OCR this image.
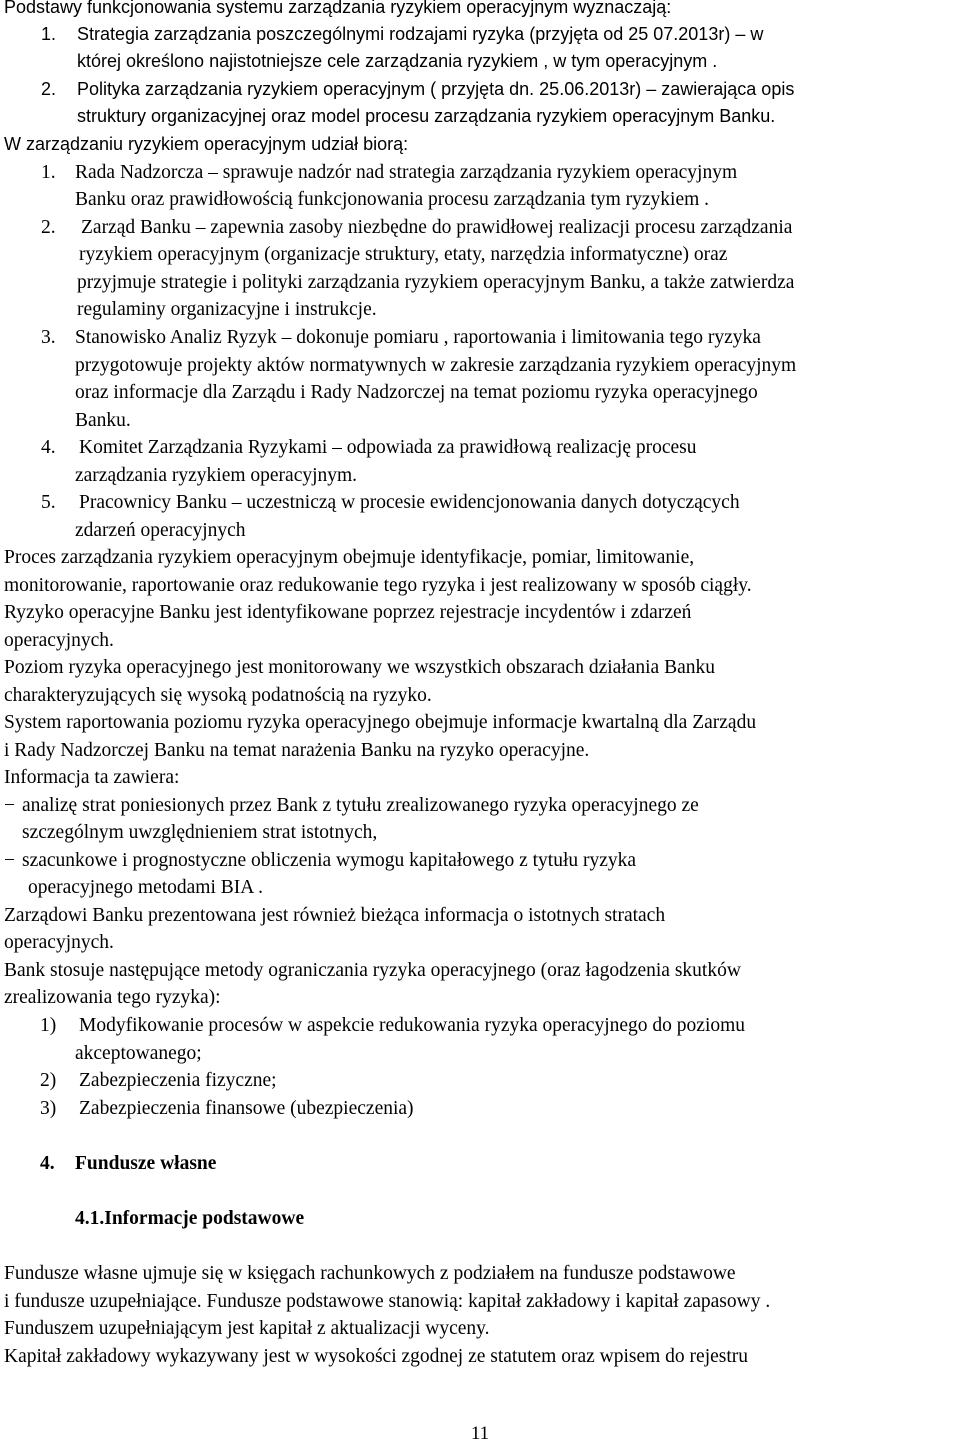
Podstawy funkcjonowania systemu zarządzania ryzykiem operacyjnym wyznaczają:
1. Strategia zarządzania poszczególnymi rodzajami ryzyka (przyjęta od 25 07.2013r) – w
której określono najistotniejsze cele zarządzania ryzykiem , w tym operacyjnym .
2. Polityka zarządzania ryzykiem operacyjnym ( przyjęta dn. 25.06.2013r) – zawierająca opis
struktury organizacyjnej oraz model procesu zarządzania ryzykiem operacyjnym Banku.
W zarządzaniu ryzykiem operacyjnym udział biorą:
1. Rada Nadzorcza – sprawuje nadzór nad strategia zarządzania ryzykiem operacyjnym
Banku oraz prawidłowością funkcjonowania procesu zarządzania tym ryzykiem .
2. Zarząd Banku – zapewnia zasoby niezbędne do prawidłowej realizacji procesu zarządzania
ryzykiem operacyjnym (organizacje struktury, etaty, narzędzia informatyczne) oraz
przyjmuje strategie i polityki zarządzania ryzykiem operacyjnym Banku, a także zatwierdza
regulaminy organizacyjne i instrukcje.
3. Stanowisko Analiz Ryzyk – dokonuje pomiaru , raportowania i limitowania tego ryzyka
przygotowuje projekty aktów normatywnych w zakresie zarządzania ryzykiem operacyjnym
oraz informacje dla Zarządu i Rady Nadzorczej na temat poziomu ryzyka operacyjnego
Banku.
4. Komitet Zarządzania Ryzykami – odpowiada za prawidłową realizację procesu
zarządzania ryzykiem operacyjnym.
5. Pracownicy Banku – uczestniczą w procesie ewidencjonowania danych dotyczących
zdarzeń operacyjnych
Proces zarządzania ryzykiem operacyjnym obejmuje identyfikacje, pomiar, limitowanie,
monitorowanie, raportowanie oraz redukowanie tego ryzyka i jest realizowany w sposób ciągły.
Ryzyko operacyjne Banku jest identyfikowane poprzez rejestracje incydentów i zdarzeń
operacyjnych.
Poziom ryzyka operacyjnego jest monitorowany we wszystkich obszarach działania Banku
charakteryzujących się wysoką podatnością na ryzyko.
System raportowania poziomu ryzyka operacyjnego obejmuje informacje kwartalną dla Zarządu
i Rady Nadzorczej Banku na temat narażenia Banku na ryzyko operacyjne.
Informacja ta zawiera:
− analizę strat poniesionych przez Bank z tytułu zrealizowanego ryzyka operacyjnego ze
szczególnym uwzględnieniem strat istotnych,
− szacunkowe i prognostyczne obliczenia wymogu kapitałowego z tytułu ryzyka
operacyjnego metodami BIA .
Zarządowi Banku prezentowana jest również bieżąca informacja o istotnych stratach
operacyjnych.
Bank stosuje następujące metody ograniczania ryzyka operacyjnego (oraz łagodzenia skutków
zrealizowania tego ryzyka):
1) Modyfikowanie procesów w aspekcie redukowania ryzyka operacyjnego do poziomu
akceptowanego;
2) Zabezpieczenia fizyczne;
3) Zabezpieczenia finansowe (ubezpieczenia)
4. Fundusze własne
4.1.Informacje podstawowe
Fundusze własne ujmuje się w księgach rachunkowych z podziałem na fundusze podstawowe
i fundusze uzupełniające. Fundusze podstawowe stanowią: kapitał zakładowy i kapitał zapasowy .
Funduszem uzupełniającym jest kapitał z aktualizacji wyceny.
Kapitał zakładowy wykazywany jest w wysokości zgodnej ze statutem oraz wpisem do rejestru
11
